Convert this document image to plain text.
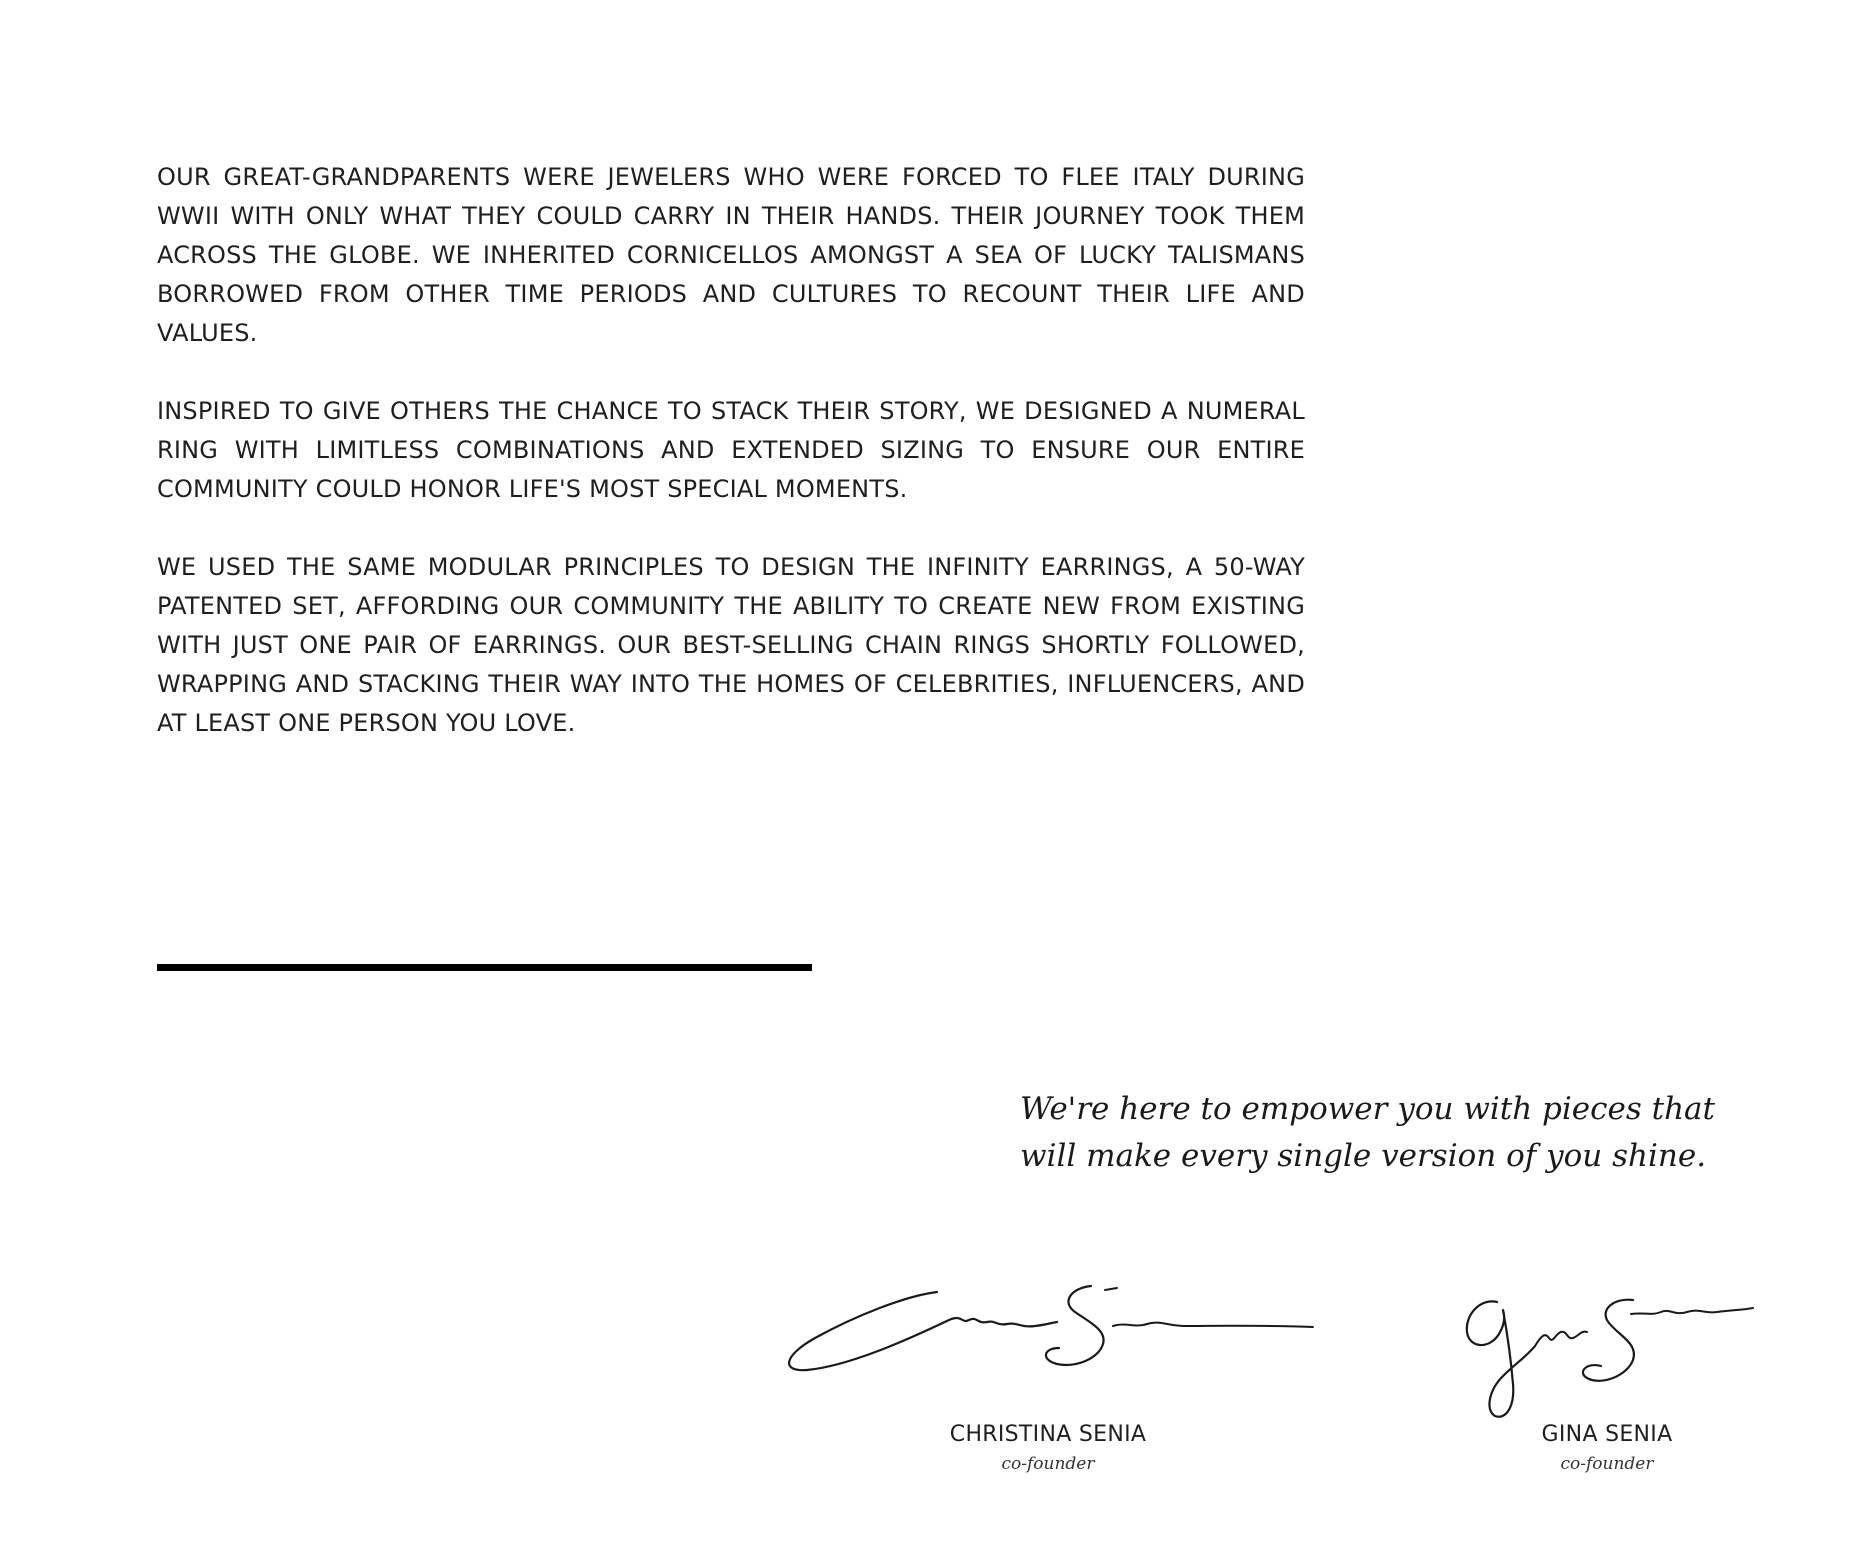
OUR GREAT-GRANDPARENTS WERE JEWELERS WHO WERE FORCED TO FLEE ITALY DURING WWII WITH ONLY WHAT THEY COULD CARRY IN THEIR HANDS. THEIR JOURNEY TOOK THEM ACROSS THE GLOBE. WE INHERITED CORNICELLOS AMONGST A SEA OF LUCKY TALISMANS BORROWED FROM OTHER TIME PERIODS AND CULTURES TO RECOUNT THEIR LIFE AND VALUES.

INSPIRED TO GIVE OTHERS THE CHANCE TO STACK THEIR STORY, WE DESIGNED A NUMERAL RING WITH LIMITLESS COMBINATIONS AND EXTENDED SIZING TO ENSURE OUR ENTIRE COMMUNITY COULD HONOR LIFE'S MOST SPECIAL MOMENTS.

WE USED THE SAME MODULAR PRINCIPLES TO DESIGN THE INFINITY EARRINGS, A 50-WAY PATENTED SET, AFFORDING OUR COMMUNITY THE ABILITY TO CREATE NEW FROM EXISTING WITH JUST ONE PAIR OF EARRINGS. OUR BEST-SELLING CHAIN RINGS SHORTLY FOLLOWED, WRAPPING AND STACKING THEIR WAY INTO THE HOMES OF CELEBRITIES, INFLUENCERS, AND AT LEAST ONE PERSON YOU LOVE.

We're here to empower you with pieces that
will make every single version of you shine.
CHRISTINA SENIA
co-founder
GINA SENIA
co-founder
